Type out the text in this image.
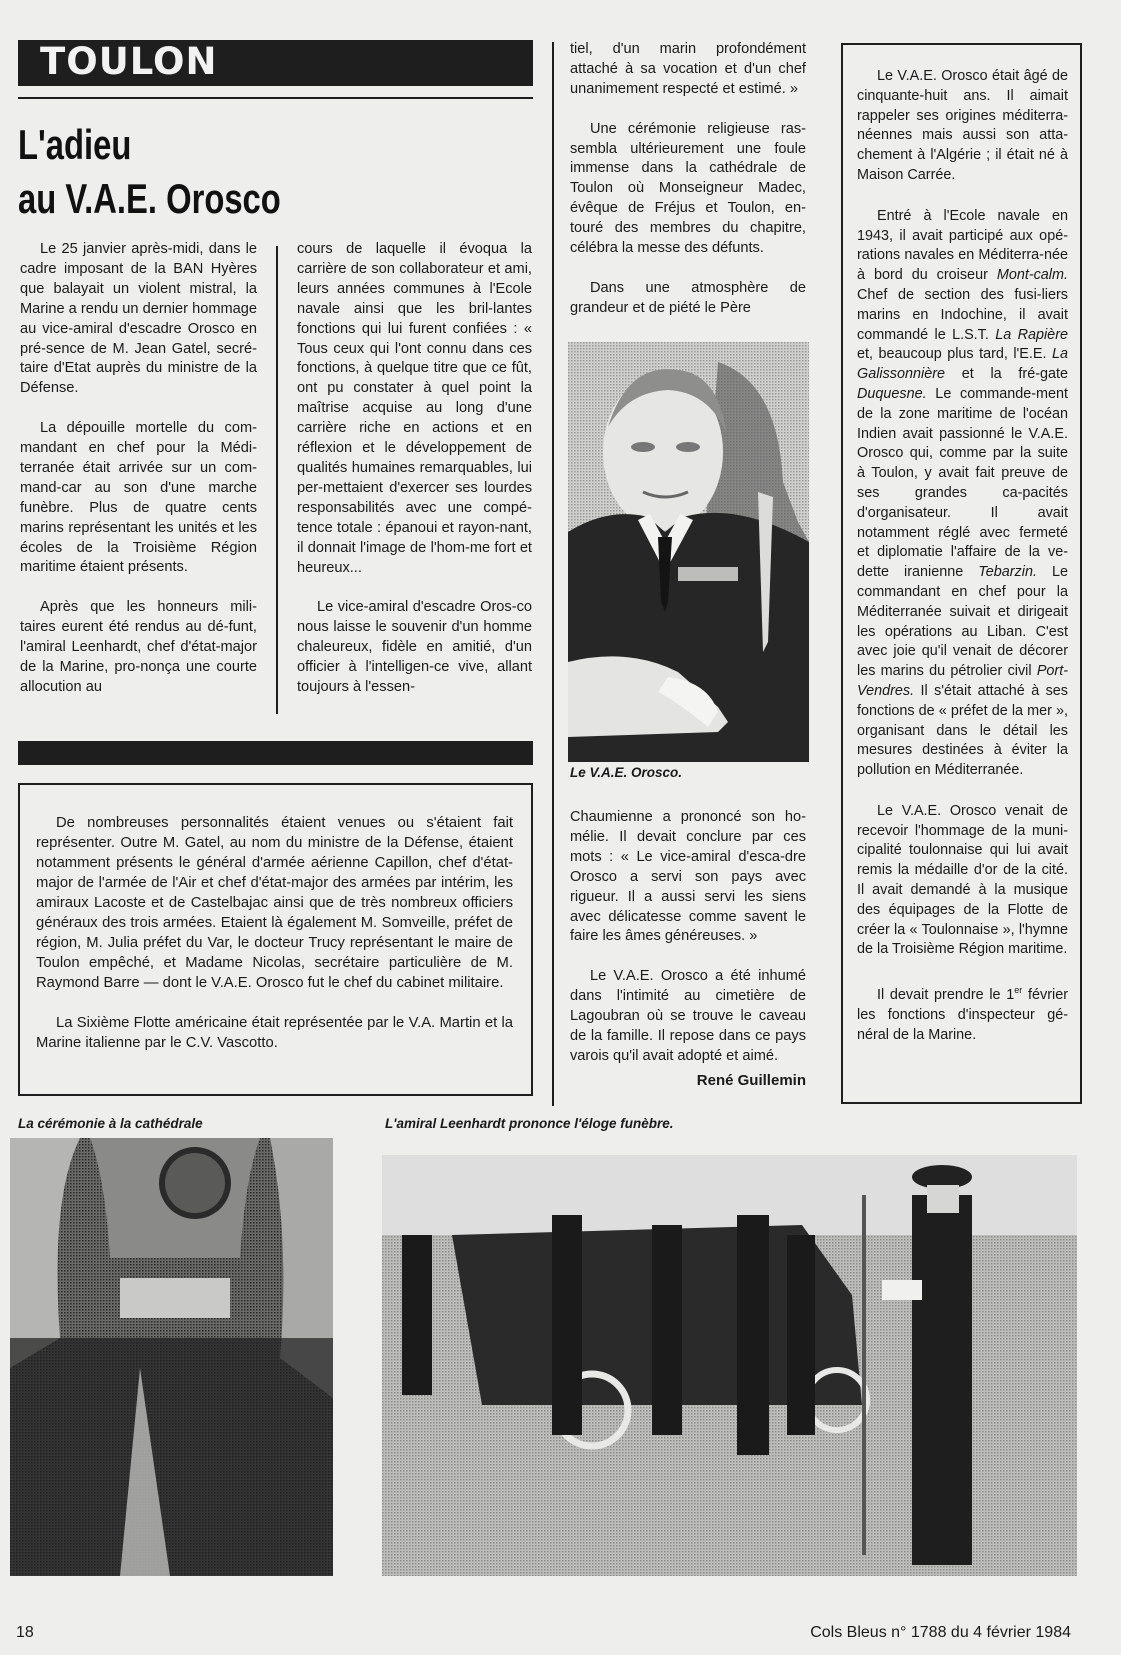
TOULON
L'adieu
au V.A.E. Orosco

Le 25 janvier après-midi, dans le cadre imposant de la BAN Hyères que balayait un violent mistral, la Marine a rendu un dernier hommage au vice-amiral d'escadre Orosco en pré-sence de M. Jean Gatel, secré-taire d'Etat auprès du ministre de la Défense.

La dépouille mortelle du com-mandant en chef pour la Médi-terranée était arrivée sur un com-mand-car au son d'une marche funèbre. Plus de quatre cents marins représentant les unités et les écoles de la Troisième Région maritime étaient présents.

Après que les honneurs mili-taires eurent été rendus au dé-funt, l'amiral Leenhardt, chef d'état-major de la Marine, pro-nonça une courte allocution au

cours de laquelle il évoqua la carrière de son collaborateur et ami, leurs années communes à l'Ecole navale ainsi que les bril-lantes fonctions qui lui furent confiées : « Tous ceux qui l'ont connu dans ces fonctions, à quelque titre que ce fût, ont pu constater à quel point la maîtrise acquise au long d'une carrière riche en actions et en réflexion et le développement de qualités humaines remarquables, lui per-mettaient d'exercer ses lourdes responsabilités avec une compé-tence totale : épanoui et rayon-nant, il donnait l'image de l'hom-me fort et heureux...

Le vice-amiral d'escadre Oros-co nous laisse le souvenir d'un homme chaleureux, fidèle en amitié, d'un officier à l'intelligen-ce vive, allant toujours à l'essen-

De nombreuses personnalités étaient venues ou s'étaient fait représenter. Outre M. Gatel, au nom du ministre de la Défense, étaient notamment présents le général d'armée aérienne Capillon, chef d'état-major de l'armée de l'Air et chef d'état-major des armées par intérim, les amiraux Lacoste et de Castelbajac ainsi que de très nombreux officiers généraux des trois armées. Etaient là également M. Somveille, préfet de région, M. Julia préfet du Var, le docteur Trucy représentant le maire de Toulon empêché, et Madame Nicolas, secrétaire particulière de M. Raymond Barre — dont le V.A.E. Orosco fut le chef du cabinet militaire.

La Sixième Flotte américaine était représentée par le V.A. Martin et la Marine italienne par le C.V. Vascotto.

tiel, d'un marin profondément attaché à sa vocation et d'un chef unanimement respecté et estimé. »

Une cérémonie religieuse ras-sembla ultérieurement une foule immense dans la cathédrale de Toulon où Monseigneur Madec, évêque de Fréjus et Toulon, en-touré des membres du chapitre, célébra la messe des défunts.

Dans une atmosphère de grandeur et de piété le Père

Le V.A.E. Orosco.

Chaumienne a prononcé son ho-mélie. Il devait conclure par ces mots : « Le vice-amiral d'esca-dre Orosco a servi son pays avec rigueur. Il a aussi servi les siens avec délicatesse comme savent le faire les âmes généreuses. »

Le V.A.E. Orosco a été inhumé dans l'intimité au cimetière de Lagoubran où se trouve le caveau de la famille. Il repose dans ce pays varois qu'il avait adopté et aimé.

René Guillemin

Le V.A.E. Orosco était âgé de cinquante-huit ans. Il aimait rappeler ses origines méditerra-néennes mais aussi son atta-chement à l'Algérie ; il était né à Maison Carrée.

Entré à l'Ecole navale en 1943, il avait participé aux opé-rations navales en Méditerra-née à bord du croiseur Mont-calm. Chef de section des fusi-liers marins en Indochine, il avait commandé le L.S.T. La Rapière et, beaucoup plus tard, l'E.E. La Galissonnière et la fré-gate Duquesne. Le commande-ment de la zone maritime de l'océan Indien avait passionné le V.A.E. Orosco qui, comme par la suite à Toulon, y avait fait preuve de ses grandes ca-pacités d'organisateur. Il avait notamment réglé avec fermeté et diplomatie l'affaire de la ve-dette iranienne Tebarzin. Le commandant en chef pour la Méditerranée suivait et dirigeait les opérations au Liban. C'est avec joie qu'il venait de décorer les marins du pétrolier civil Port-Vendres. Il s'était attaché à ses fonctions de « préfet de la mer », organisant dans le détail les mesures destinées à éviter la pollution en Méditerranée.

Le V.A.E. Orosco venait de recevoir l'hommage de la muni-cipalité toulonnaise qui lui avait remis la médaille d'or de la cité. Il avait demandé à la musique des équipages de la Flotte de créer la « Toulonnaise », l'hymne de la Troisième Région maritime.

Il devait prendre le 1er février les fonctions d'inspecteur gé-néral de la Marine.

La cérémonie à la cathédrale	L'amiral Leenhardt prononce l'éloge funèbre.
18	Cols Bleus n° 1788 du 4 février 1984
